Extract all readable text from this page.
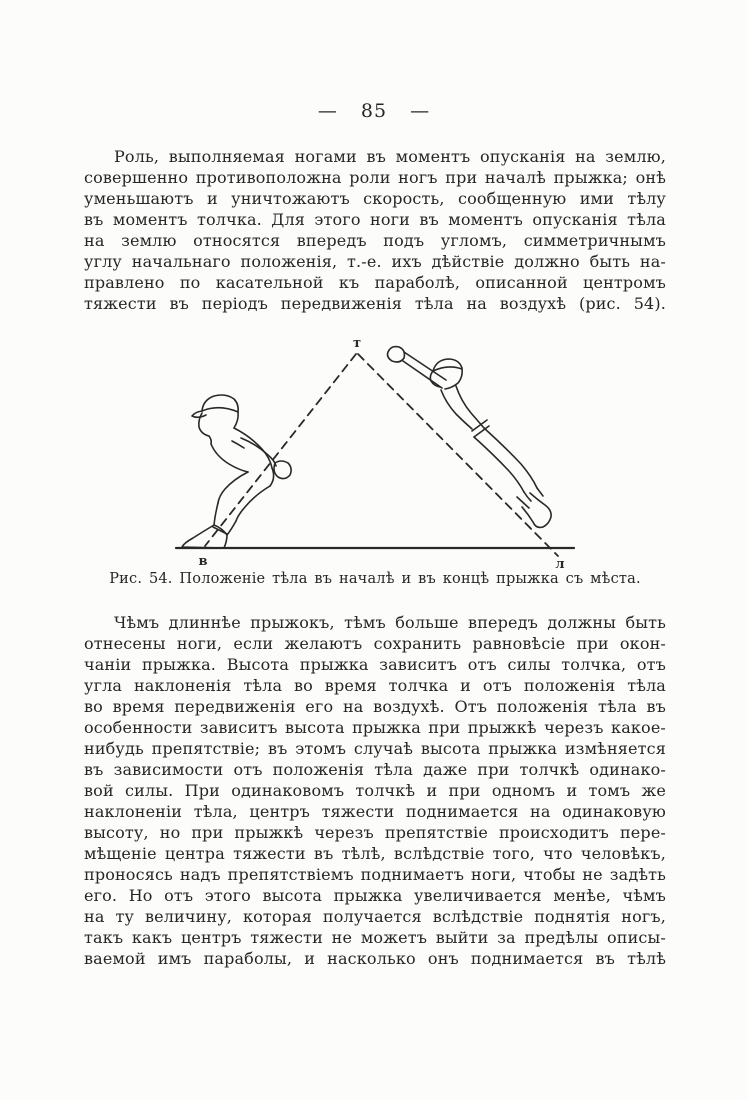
— 85 —
Роль, выполняемая ногами въ моментъ опусканія на землю,
совершенно противоположна роли ногъ при началѣ прыжка; онѣ
уменьшаютъ и уничтожаютъ скорость, сообщенную ими тѣлу
въ моментъ толчка. Для этого ноги въ моментъ опусканія тѣла
на землю относятся впередъ подъ угломъ, симметричнымъ
углу начальнаго положенія, т.-е. ихъ дѣйствіе должно быть на-
правлено по касательной къ параболѣ, описанной центромъ
тяжести въ періодъ передвиженія тѣла на воздухѣ (рис. 54).
т
в	л
Рис. 54. Положеніе тѣла въ началѣ и въ концѣ прыжка съ мѣста.
Чѣмъ длиннѣе прыжокъ, тѣмъ больше впередъ должны быть
отнесены ноги, если желаютъ сохранить равновѣсіе при окон-
чаніи прыжка. Высота прыжка зависитъ отъ силы толчка, отъ
угла наклоненія тѣла во время толчка и отъ положенія тѣла
во время передвиженія его на воздухѣ. Отъ положенія тѣла въ
особенности зависитъ высота прыжка при прыжкѣ черезъ какое-
нибудь препятствіе; въ этомъ случаѣ высота прыжка измѣняется
въ зависимости отъ положенія тѣла даже при толчкѣ одинако-
вой силы. При одинаковомъ толчкѣ и при одномъ и томъ же
наклоненіи тѣла, центръ тяжести поднимается на одинаковую
высоту, но при прыжкѣ черезъ препятствіе происходитъ пере-
мѣщеніе центра тяжести въ тѣлѣ, вслѣдствіе того, что человѣкъ,
проносясь надъ препятствіемъ поднимаетъ ноги, чтобы не задѣть
его. Но отъ этого высота прыжка увеличивается менѣе, чѣмъ
на ту величину, которая получается вслѣдствіе поднятія ногъ,
такъ какъ центръ тяжести не можетъ выйти за предѣлы описы-
ваемой имъ параболы, и насколько онъ поднимается въ тѣлѣ
